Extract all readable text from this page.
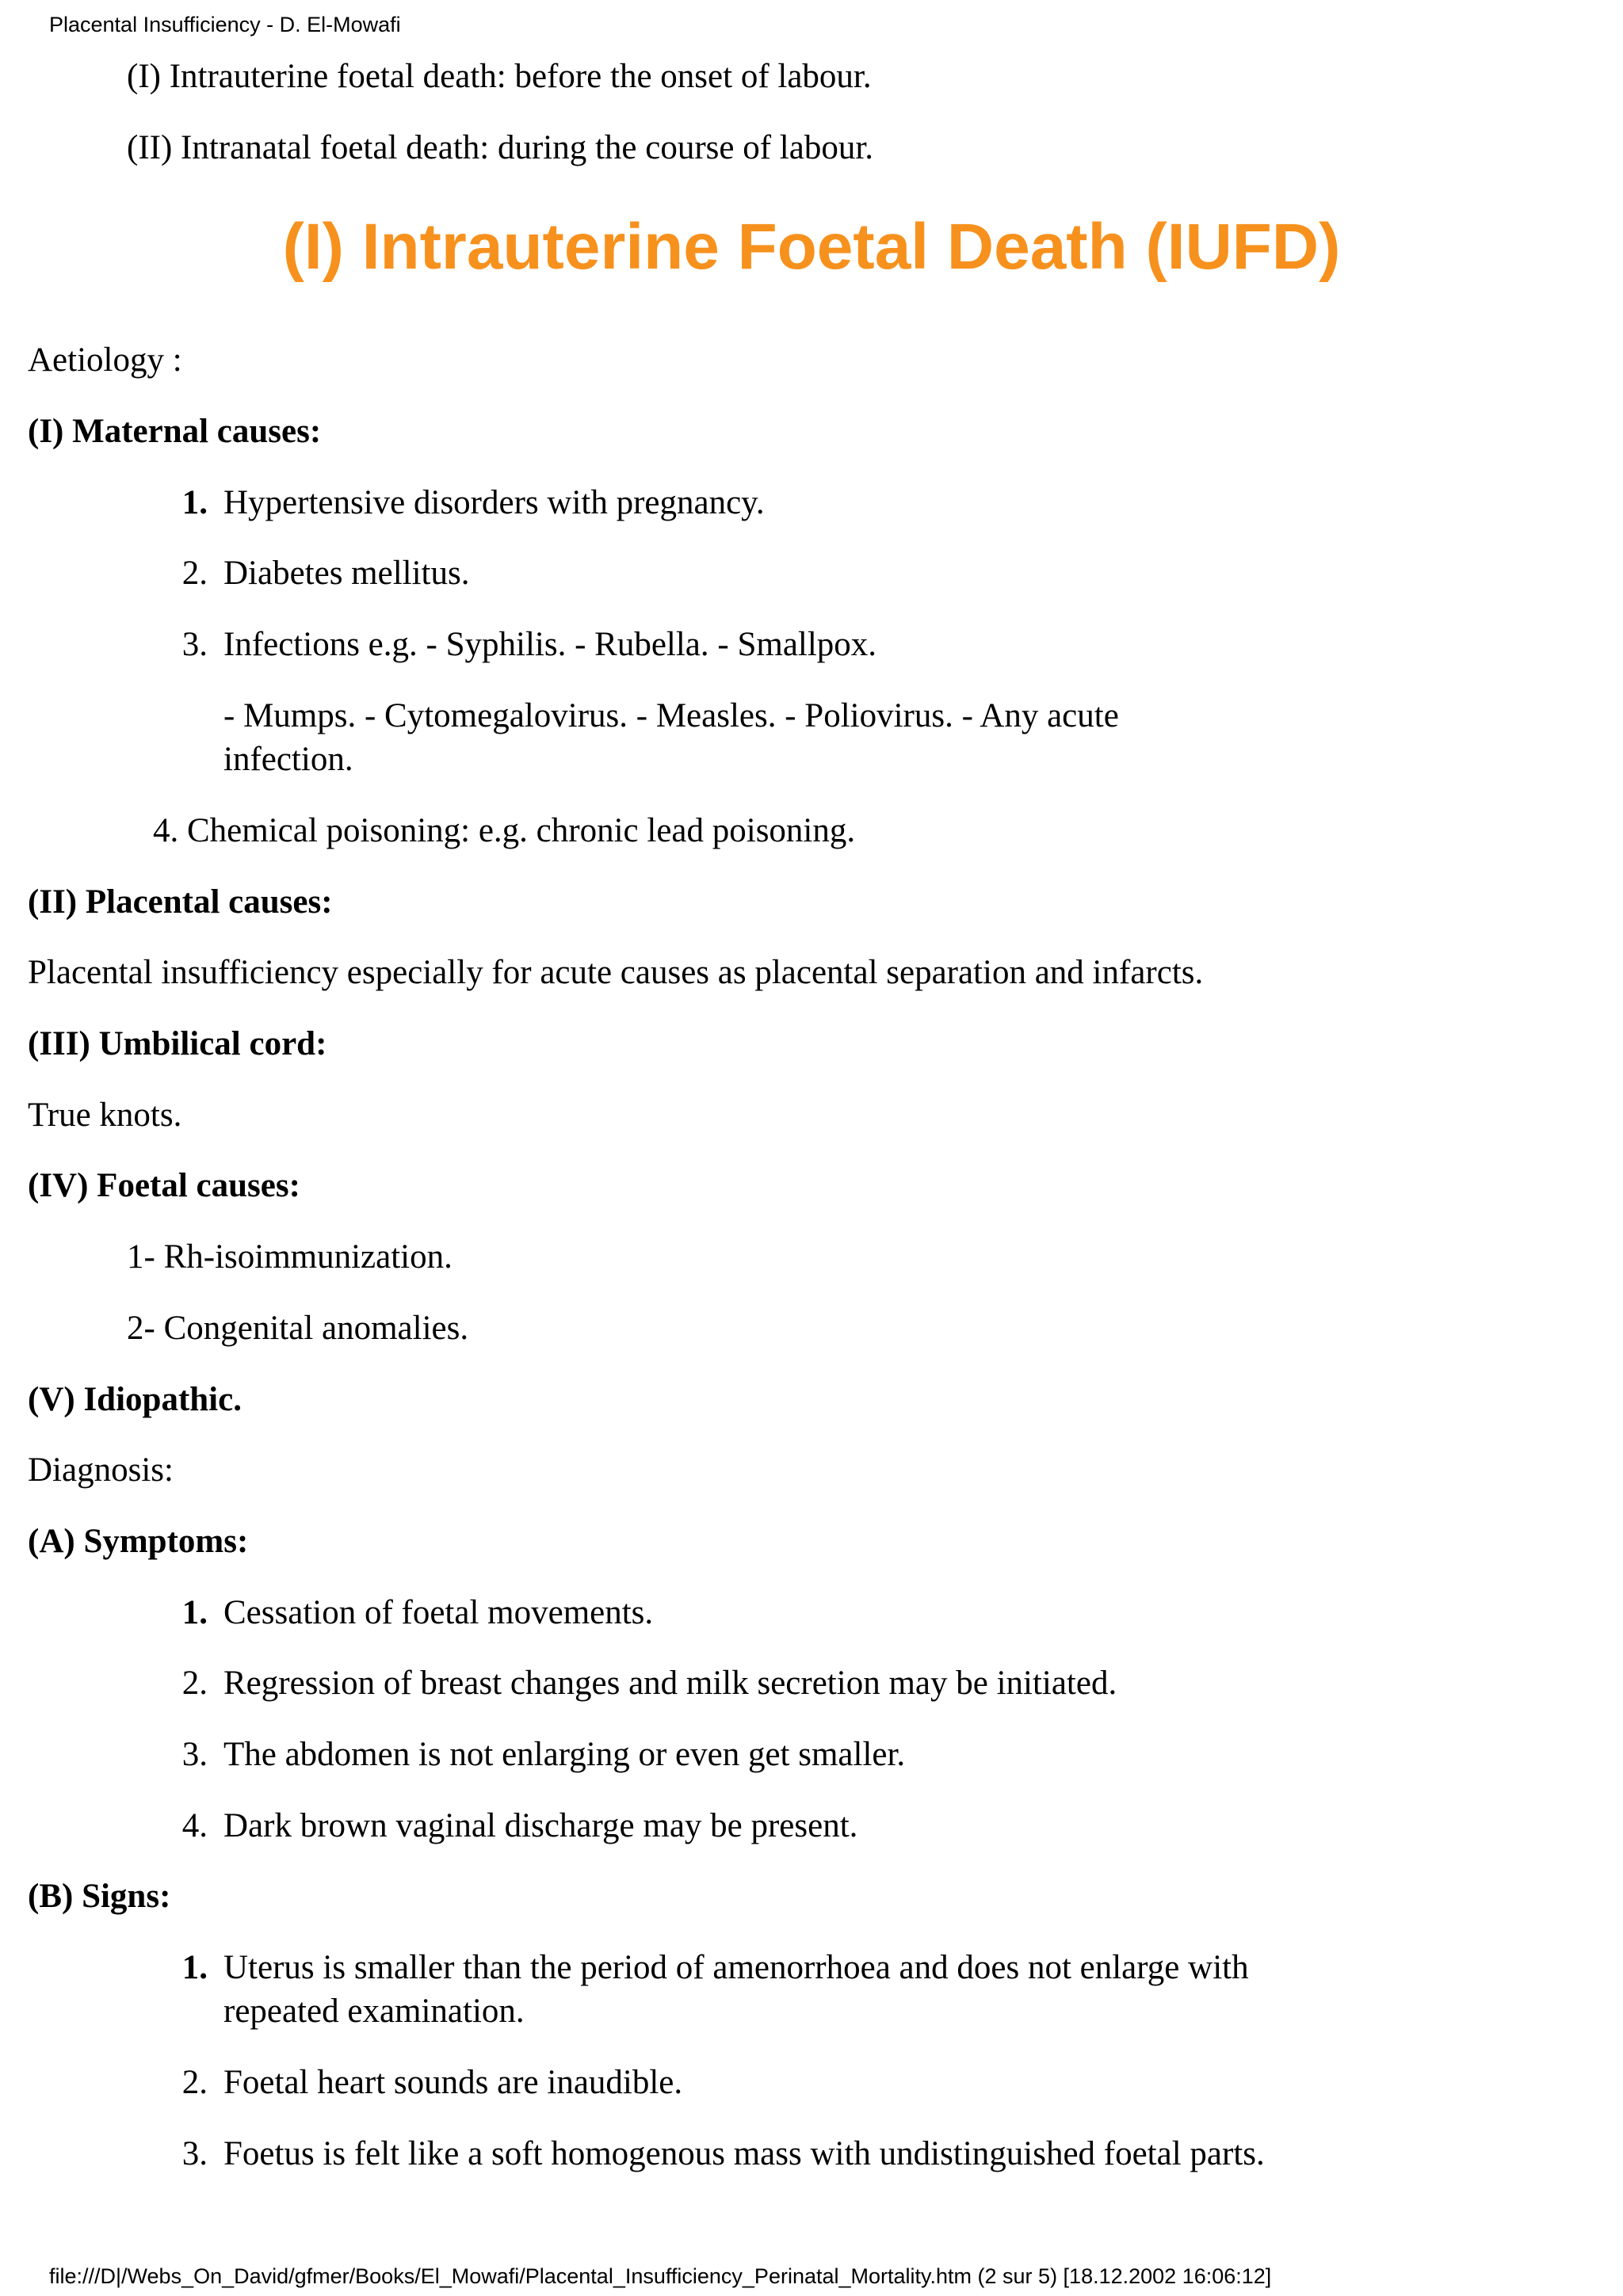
Placental Insufficiency - D. El-Mowafi
(I) Intrauterine foetal death: before the onset of labour.
(II) Intranatal foetal death: during the course of labour.
(I) Intrauterine Foetal Death (IUFD)
Aetiology :
(I) Maternal causes:
1. Hypertensive disorders with pregnancy.
2. Diabetes mellitus.
3. Infections e.g. - Syphilis. - Rubella. - Smallpox.
- Mumps. - Cytomegalovirus. - Measles. - Poliovirus. - Any acute
infection.
4. Chemical poisoning: e.g. chronic lead poisoning.
(II) Placental causes:
Placental insufficiency especially for acute causes as placental separation and infarcts.
(III) Umbilical cord:
True knots.
(IV) Foetal causes:
1- Rh-isoimmunization.
2- Congenital anomalies.
(V) Idiopathic.
Diagnosis:
(A) Symptoms:
1. Cessation of foetal movements.
2. Regression of breast changes and milk secretion may be initiated.
3. The abdomen is not enlarging or even get smaller.
4. Dark brown vaginal discharge may be present.
(B) Signs:
1. Uterus is smaller than the period of amenorrhoea and does not enlarge with
repeated examination.
2. Foetal heart sounds are inaudible.
3. Foetus is felt like a soft homogenous mass with undistinguished foetal parts.
file:///D|/Webs_On_David/gfmer/Books/El_Mowafi/Placental_Insufficiency_Perinatal_Mortality.htm (2 sur 5) [18.12.2002 16:06:12]
